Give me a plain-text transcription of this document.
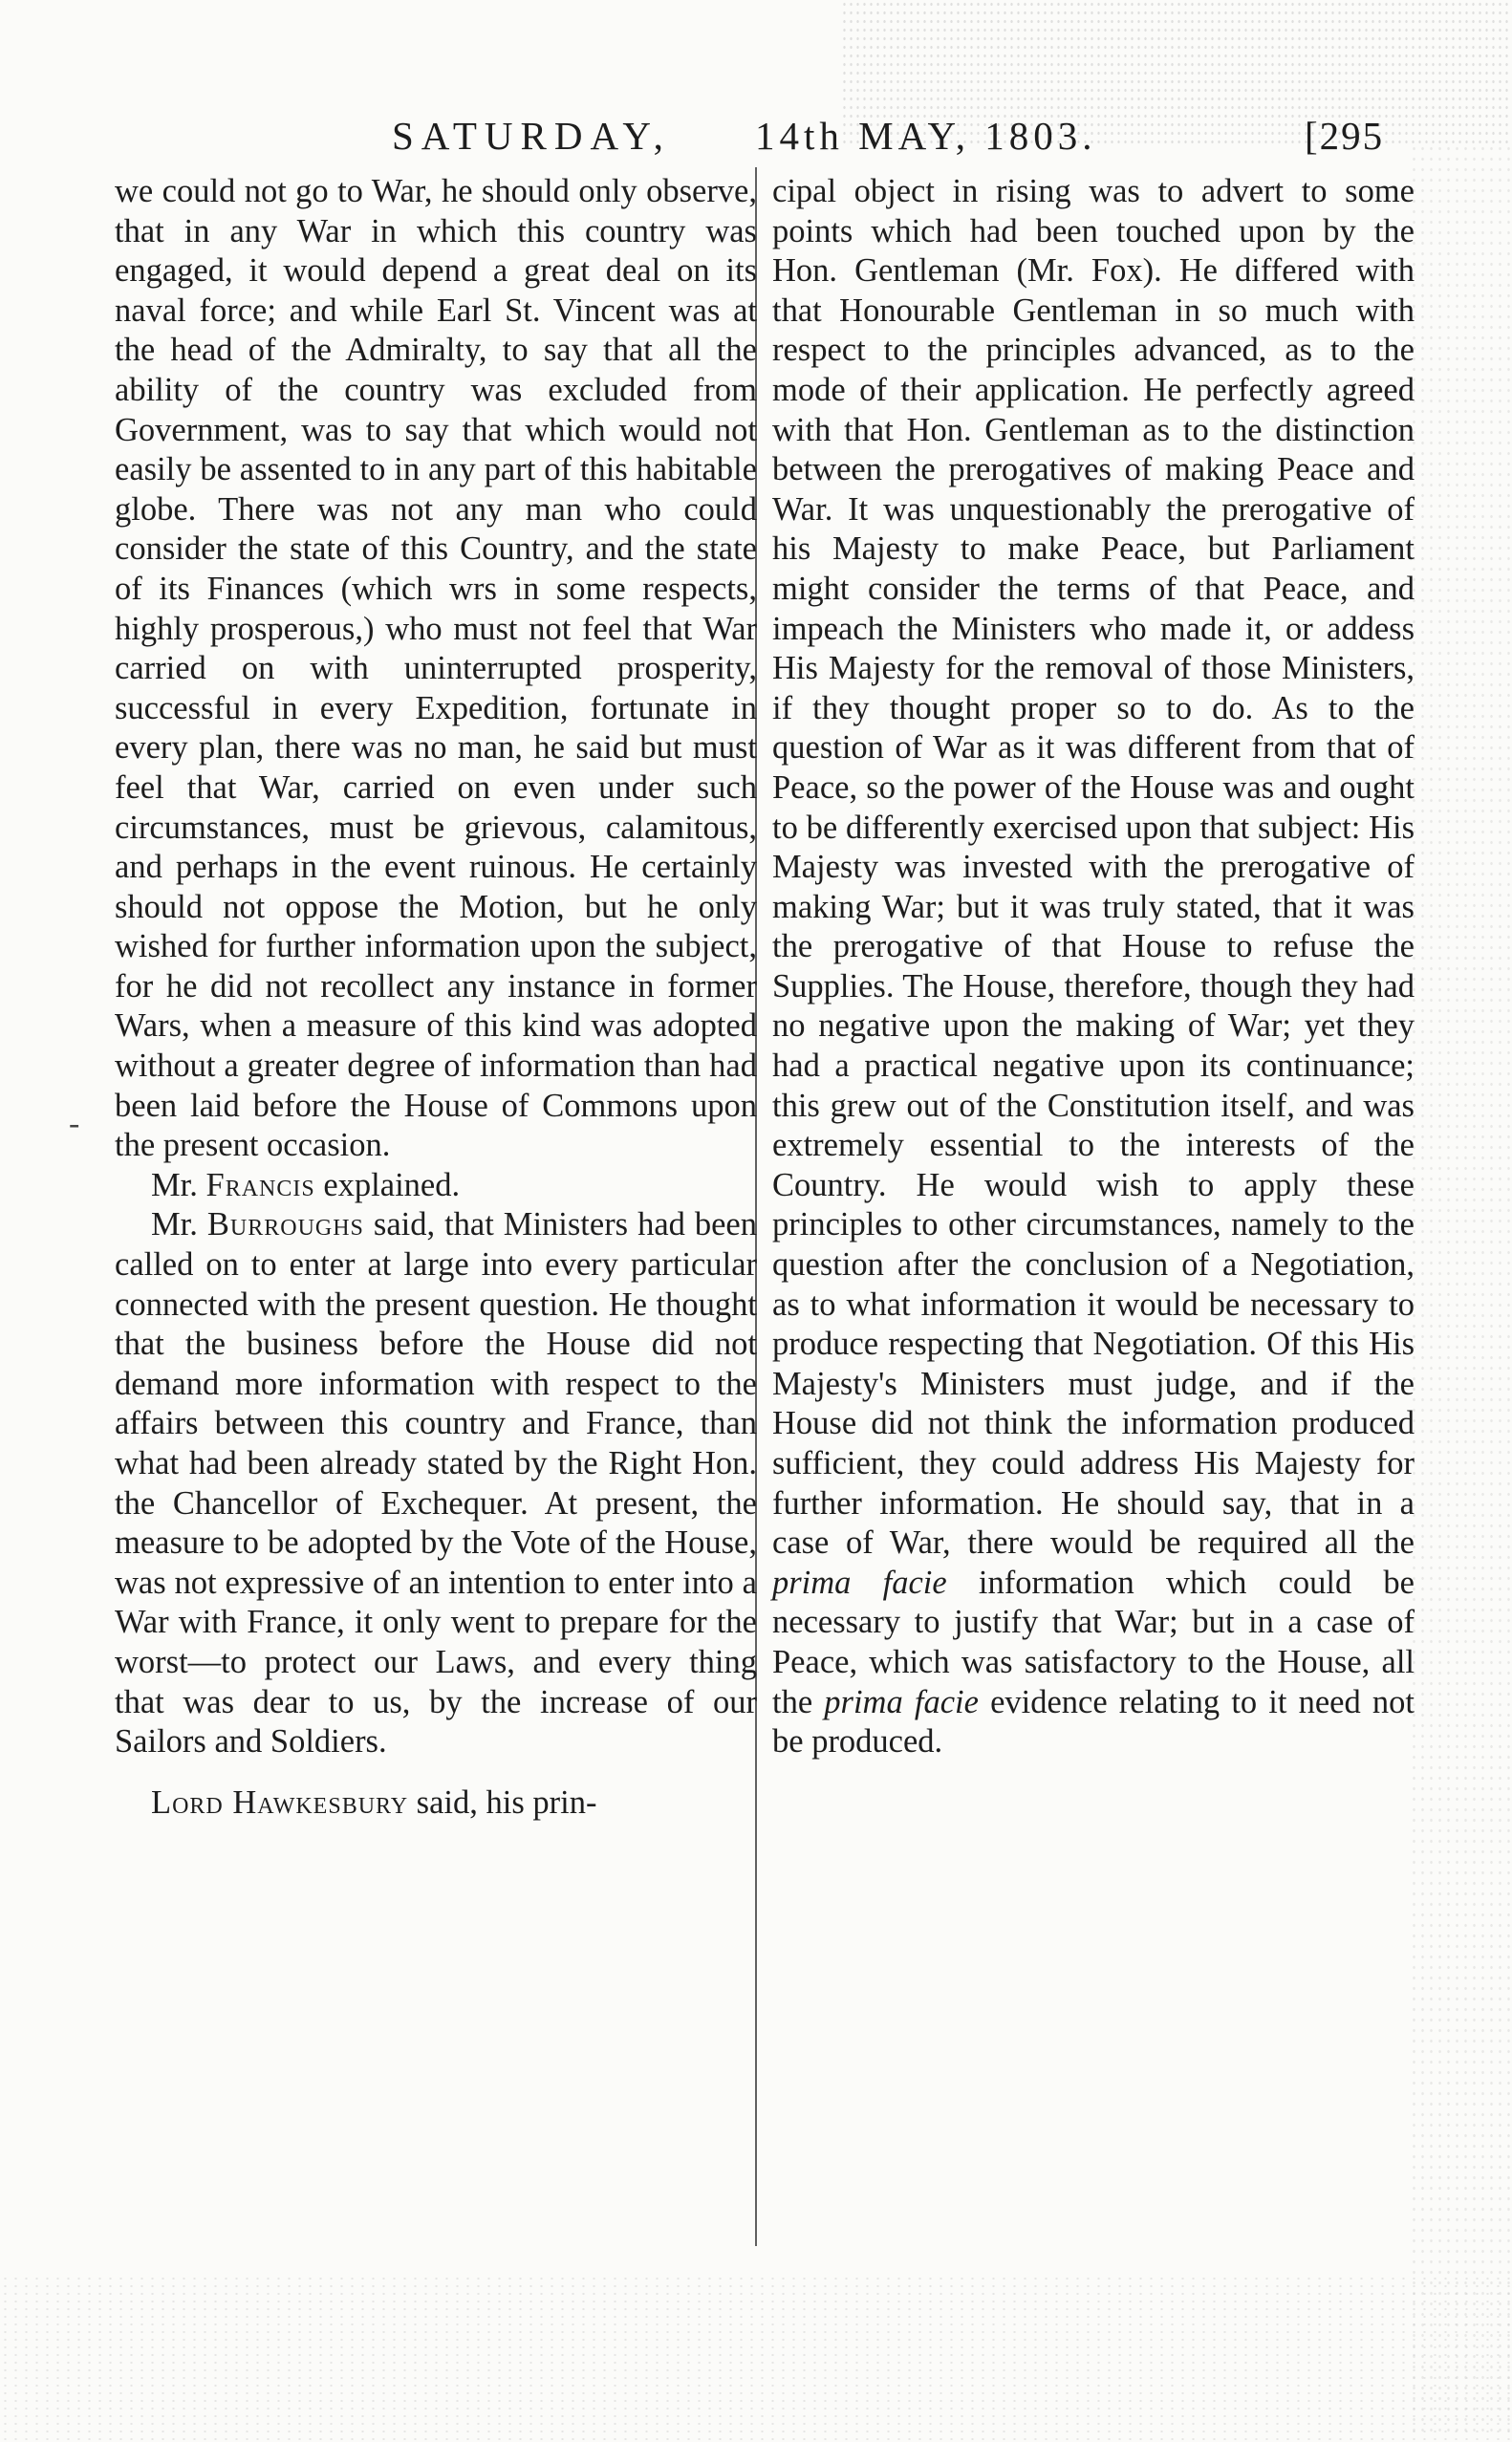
SATURDAY, 14th MAY, 1803.	[295
-

we could not go to War, he should only observe, that in any War in which this country was engaged, it would depend a great deal on its naval force; and while Earl St. Vincent was at the head of the Admiralty, to say that all the ability of the country was excluded from Government, was to say that which would not easily be assented to in any part of this habitable globe. There was not any man who could consider the state of this Country, and the state of its Finances (which wrs in some respects, highly prosperous,) who must not feel that War carried on with uninterrupted prosperity, successful in every Expedition, fortunate in every plan, there was no man, he said but must feel that War, carried on even under such circumstances, must be grievous, calamitous, and perhaps in the event ruinous. He certainly should not oppose the Motion, but he only wished for further information upon the subject, for he did not recollect any instance in former Wars, when a measure of this kind was adopted without a greater degree of information than had been laid before the House of Commons upon the present occasion.

Mr. Francis explained.

Mr. Burroughs said, that Ministers had been called on to enter at large into every particular connected with the present question. He thought that the business before the House did not demand more information with respect to the affairs between this country and France, than what had been already stated by the Right Hon. the Chancellor of Exchequer. At present, the measure to be adopted by the Vote of the House, was not expressive of an intention to enter into a War with France, it only went to prepare for the worst—to protect our Laws, and every thing that was dear to us, by the increase of our Sailors and Soldiers.

Lord Hawkesbury said, his prin-

cipal object in rising was to advert to some points which had been touched upon by the Hon. Gentleman (Mr. Fox). He differed with that Honourable Gentleman in so much with respect to the principles advanced, as to the mode of their application. He perfectly agreed with that Hon. Gentleman as to the distinction between the prerogatives of making Peace and War. It was unquestionably the prerogative of his Majesty to make Peace, but Parliament might consider the terms of that Peace, and impeach the Ministers who made it, or addess His Majesty for the removal of those Ministers, if they thought proper so to do. As to the question of War as it was different from that of Peace, so the power of the House was and ought to be differently exercised upon that subject: His Majesty was invested with the prerogative of making War; but it was truly stated, that it was the prerogative of that House to refuse the Supplies. The House, therefore, though they had no negative upon the making of War; yet they had a practical negative upon its continuance; this grew out of the Constitution itself, and was extremely essential to the interests of the Country. He would wish to apply these principles to other circumstances, namely to the question after the conclusion of a Negotiation, as to what information it would be necessary to produce respecting that Negotiation. Of this His Majesty's Ministers must judge, and if the House did not think the information produced sufficient, they could address His Majesty for further information. He should say, that in a case of War, there would be required all the prima facie information which could be necessary to justify that War; but in a case of Peace, which was satisfactory to the House, all the prima facie evidence relating to it need not be produced.
